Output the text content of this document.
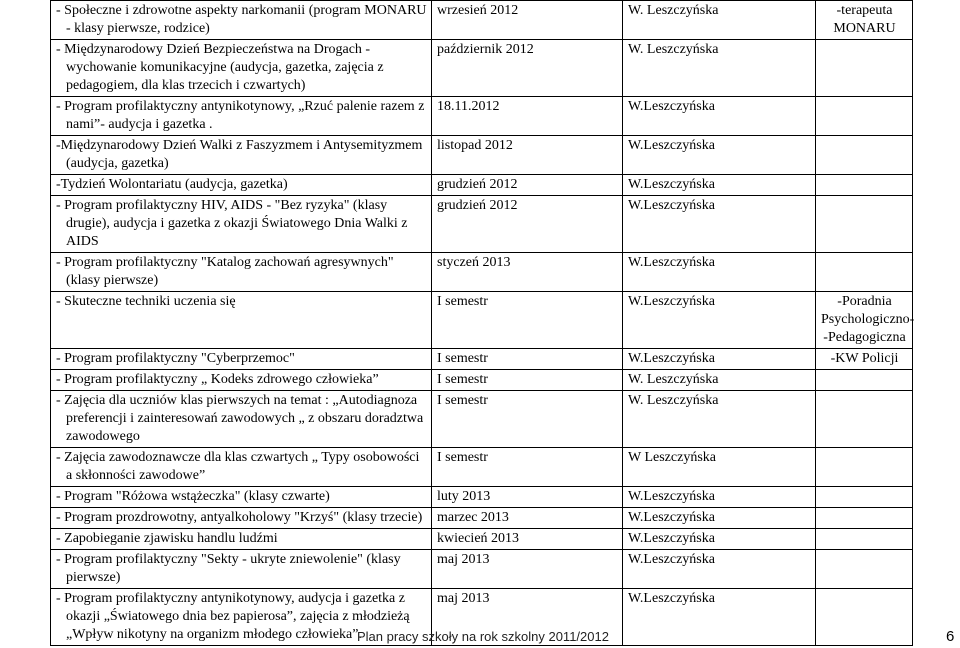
- Społeczne i zdrowotne aspekty narkomanii (program MONARU - klasy pierwsze, rodzice)	wrzesień 2012	W. Leszczyńska	-terapeuta MONARU

- Międzynarodowy Dzień Bezpieczeństwa na Drogach - wychowanie komunikacyjne (audycja, gazetka, zajęcia z pedagogiem, dla klas trzecich i czwartych)	październik 2012	W. Leszczyńska	

- Program profilaktyczny antynikotynowy, „Rzuć palenie razem z nami”- audycja i gazetka .	18.11.2012	W.Leszczyńska	

-Międzynarodowy Dzień Walki z Faszyzmem i Antysemityzmem (audycja, gazetka)	listopad 2012	W.Leszczyńska	

-Tydzień Wolontariatu (audycja, gazetka)	grudzień 2012	W.Leszczyńska	

- Program profilaktyczny HIV, AIDS - "Bez ryzyka" (klasy drugie), audycja i gazetka z okazji Światowego Dnia Walki z AIDS	grudzień 2012	W.Leszczyńska	

- Program profilaktyczny "Katalog zachowań agresywnych" (klasy pierwsze)	styczeń 2013	W.Leszczyńska	

- Skuteczne techniki uczenia się	I semestr	W.Leszczyńska	-Poradnia Psychologiczno- -Pedagogiczna

- Program profilaktyczny "Cyberprzemoc"	I semestr	W.Leszczyńska	-KW Policji

- Program profilaktyczny „ Kodeks zdrowego człowieka”	I semestr	W. Leszczyńska	

- Zajęcia dla uczniów klas pierwszych na temat : „Autodiagnoza preferencji i zainteresowań zawodowych „ z obszaru doradztwa zawodowego	I semestr	W. Leszczyńska	

- Zajęcia zawodoznawcze dla klas czwartych „ Typy osobowości a skłonności zawodowe”	I semestr	W Leszczyńska	

- Program "Różowa wstążeczka" (klasy czwarte)	luty 2013	W.Leszczyńska	

- Program prozdrowotny, antyalkoholowy "Krzyś" (klasy trzecie)	marzec 2013	W.Leszczyńska	

- Zapobieganie zjawisku handlu ludźmi	kwiecień 2013	W.Leszczyńska	

- Program profilaktyczny "Sekty - ukryte zniewolenie" (klasy pierwsze)	maj 2013	W.Leszczyńska	

- Program profilaktyczny antynikotynowy, audycja i gazetka z okazji „Światowego dnia bez papierosa”, zajęcia z młodzieżą „Wpływ nikotyny na organizm młodego człowieka”.	maj 2013	W.Leszczyńska	
Plan pracy szkoły na rok szkolny 2011/2012	6
